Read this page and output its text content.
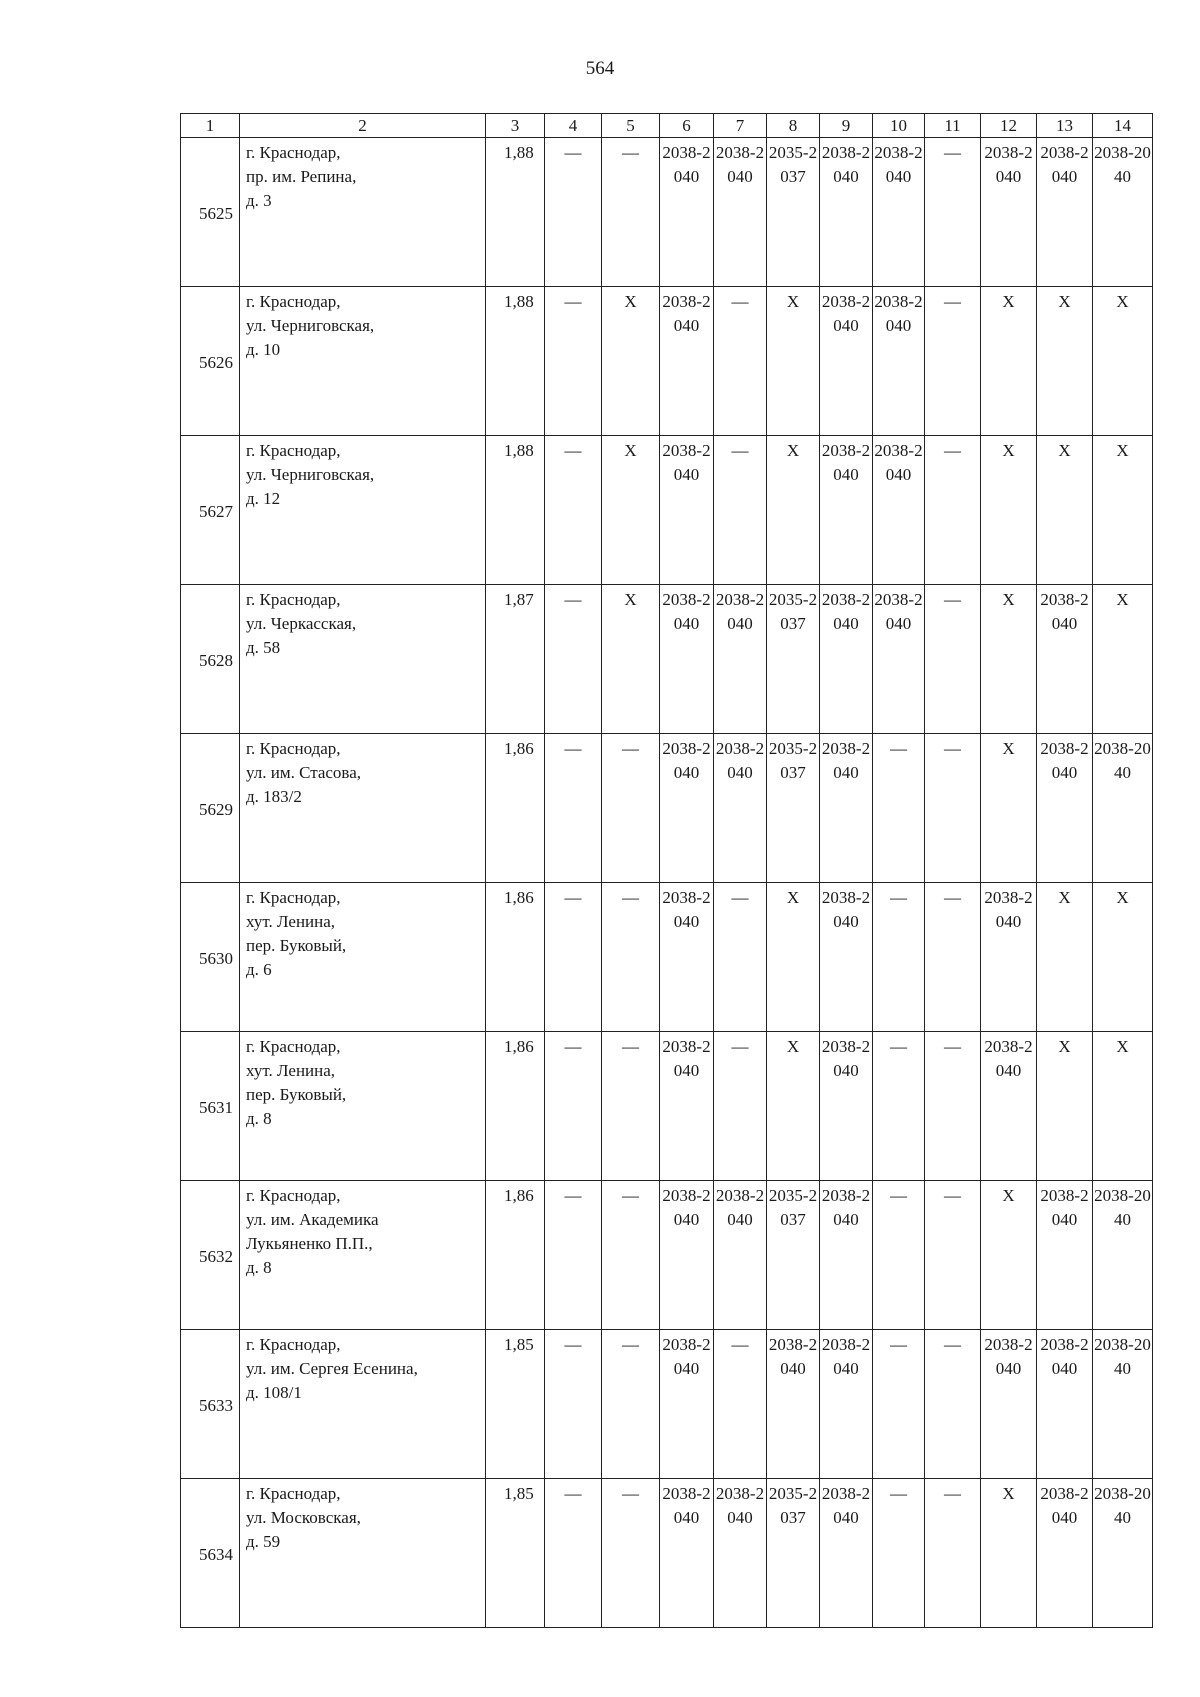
564
1	2	3	4	5	6	7	8	9	10	11	12	13	14
5625	г. Краснодар,
пр. им. Репина,
д. 3	1,88	—	—	2038-2040	2038-2040	2035-2037	2038-2040	2038-2040	—	2038-2040	2038-2040	2038-2040

5626	г. Краснодар,
ул. Черниговская,
д. 10	1,88	—	Х	2038-2040	—	Х	2038-2040	2038-2040	—	Х	Х	Х

5627	г. Краснодар,
ул. Черниговская,
д. 12	1,88	—	Х	2038-2040	—	Х	2038-2040	2038-2040	—	Х	Х	Х

5628	г. Краснодар,
ул. Черкасская,
д. 58	1,87	—	Х	2038-2040	2038-2040	2035-2037	2038-2040	2038-2040	—	Х	2038-2040	Х

5629	г. Краснодар,
ул. им. Стасова,
д. 183/2	1,86	—	—	2038-2040	2038-2040	2035-2037	2038-2040	—	—	Х	2038-2040	2038-2040

5630	г. Краснодар,
хут. Ленина,
пер. Буковый,
д. 6	1,86	—	—	2038-2040	—	Х	2038-2040	—	—	2038-2040	Х	Х

5631	г. Краснодар,
хут. Ленина,
пер. Буковый,
д. 8	1,86	—	—	2038-2040	—	Х	2038-2040	—	—	2038-2040	Х	Х

5632	г. Краснодар,
ул. им. Академика
Лукьяненко П.П.,
д. 8	1,86	—	—	2038-2040	2038-2040	2035-2037	2038-2040	—	—	Х	2038-2040	2038-2040

5633	г. Краснодар,
ул. им. Сергея Есенина,
д. 108/1	1,85	—	—	2038-2040	—	2038-2040	2038-2040	—	—	2038-2040	2038-2040	2038-2040

5634	г. Краснодар,
ул. Московская,
д. 59	1,85	—	—	2038-2040	2038-2040	2035-2037	2038-2040	—	—	Х	2038-2040	2038-2040
